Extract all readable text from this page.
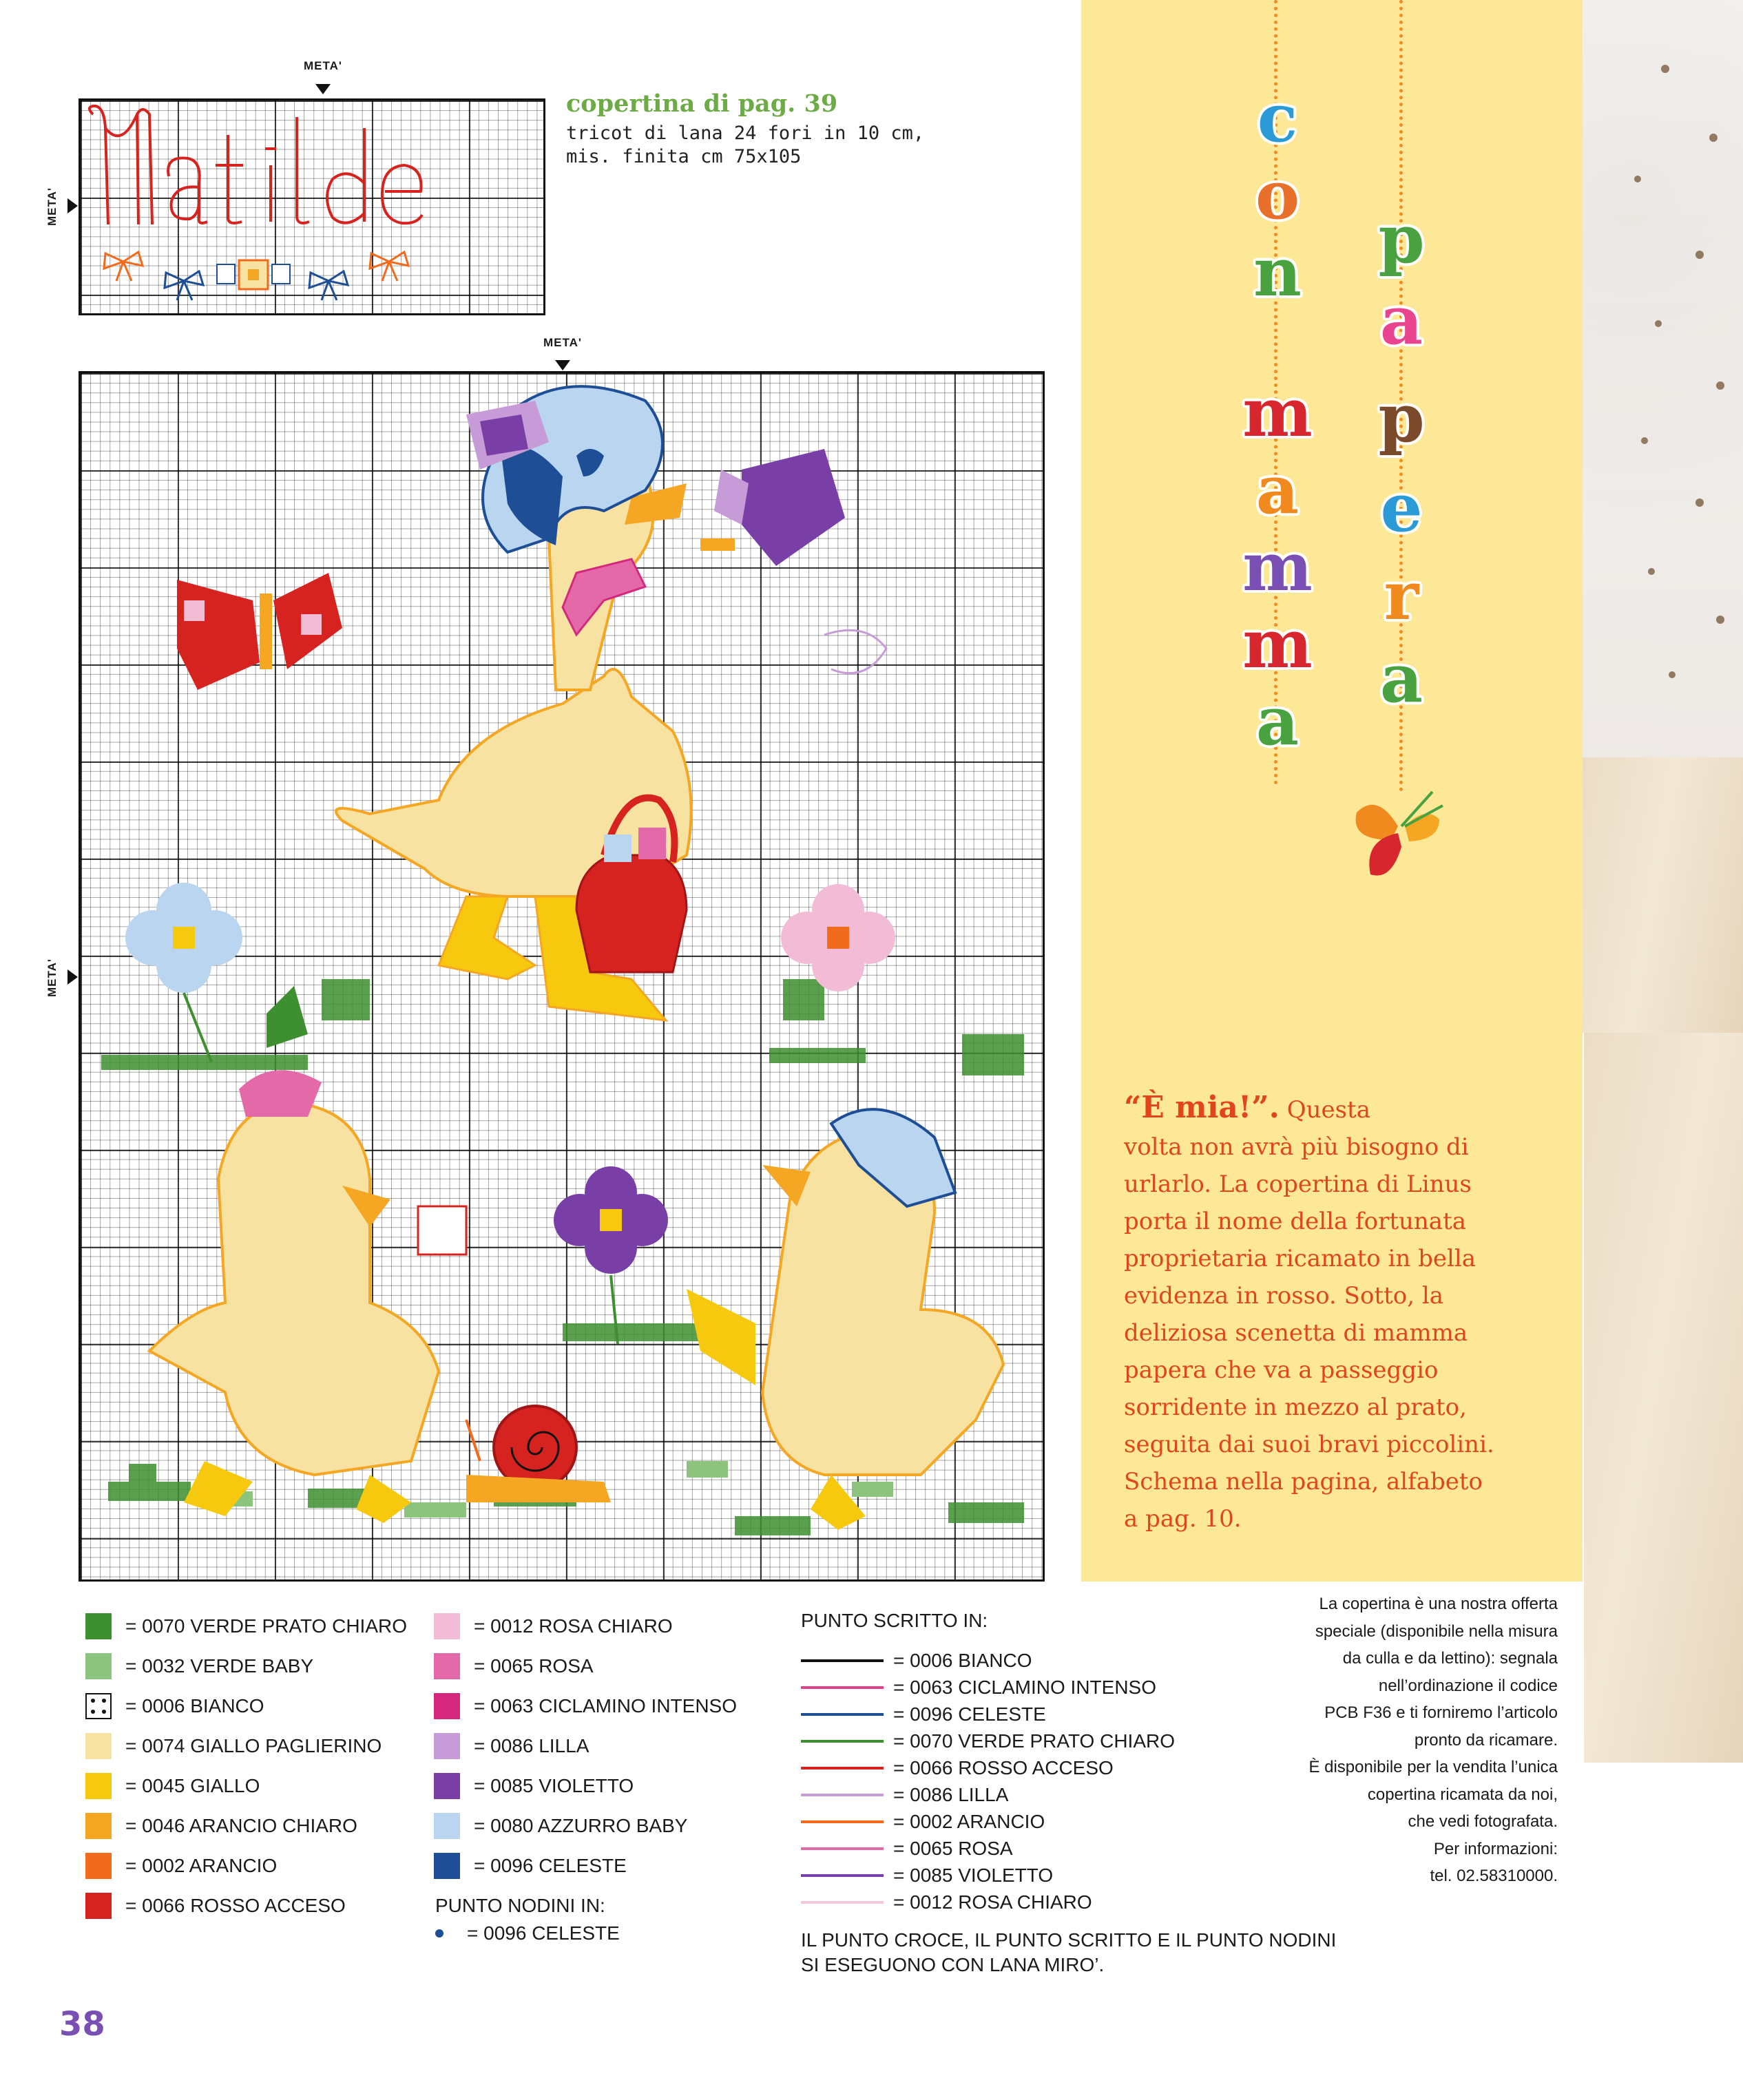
META'
META'
copertina di pag. 39
tricot di lana 24 fori in 10 cm,
mis. finita cm 75x105
META'
META'
c
o
n
m
a
m
m
a
p
a
p
e
r
a
“È mia!”. Questa
volta non avrà più bisogno di
urlarlo. La copertina di Linus
porta il nome della fortunata
proprietaria ricamato in bella
evidenza in rosso. Sotto, la
deliziosa scenetta di mamma
papera che va a passeggio
sorridente in mezzo al prato,
seguita dai suoi bravi piccolini.
Schema nella pagina, alfabeto
a pag. 10.
= 0070 VERDE PRATO CHIARO
= 0032 VERDE BABY
= 0006 BIANCO
= 0074 GIALLO PAGLIERINO
= 0045 GIALLO
= 0046 ARANCIO CHIARO
= 0002 ARANCIO
= 0066 ROSSO ACCESO
= 0012 ROSA CHIARO
= 0065 ROSA
= 0063 CICLAMINO INTENSO
= 0086 LILLA
= 0085 VIOLETTO
= 0080 AZZURRO BABY
= 0096 CELESTE
PUNTO NODINI IN:
= 0096 CELESTE
PUNTO SCRITTO IN:
= 0006 BIANCO
= 0063 CICLAMINO INTENSO
= 0096 CELESTE
= 0070 VERDE PRATO CHIARO
= 0066 ROSSO ACCESO
= 0086 LILLA
= 0002 ARANCIO
= 0065 ROSA
= 0085 VIOLETTO
= 0012 ROSA CHIARO
IL PUNTO CROCE, IL PUNTO SCRITTO E IL PUNTO NODINI
SI ESEGUONO CON LANA MIRO’.
La copertina è una nostra offerta
speciale (disponibile nella misura
da culla e da lettino): segnala
nell’ordinazione il codice
PCB F36 e ti forniremo l’articolo
pronto da ricamare.
È disponibile per la vendita l’unica
copertina ricamata da noi,
che vedi fotografata.
Per informazioni:
tel. 02.58310000.
38
